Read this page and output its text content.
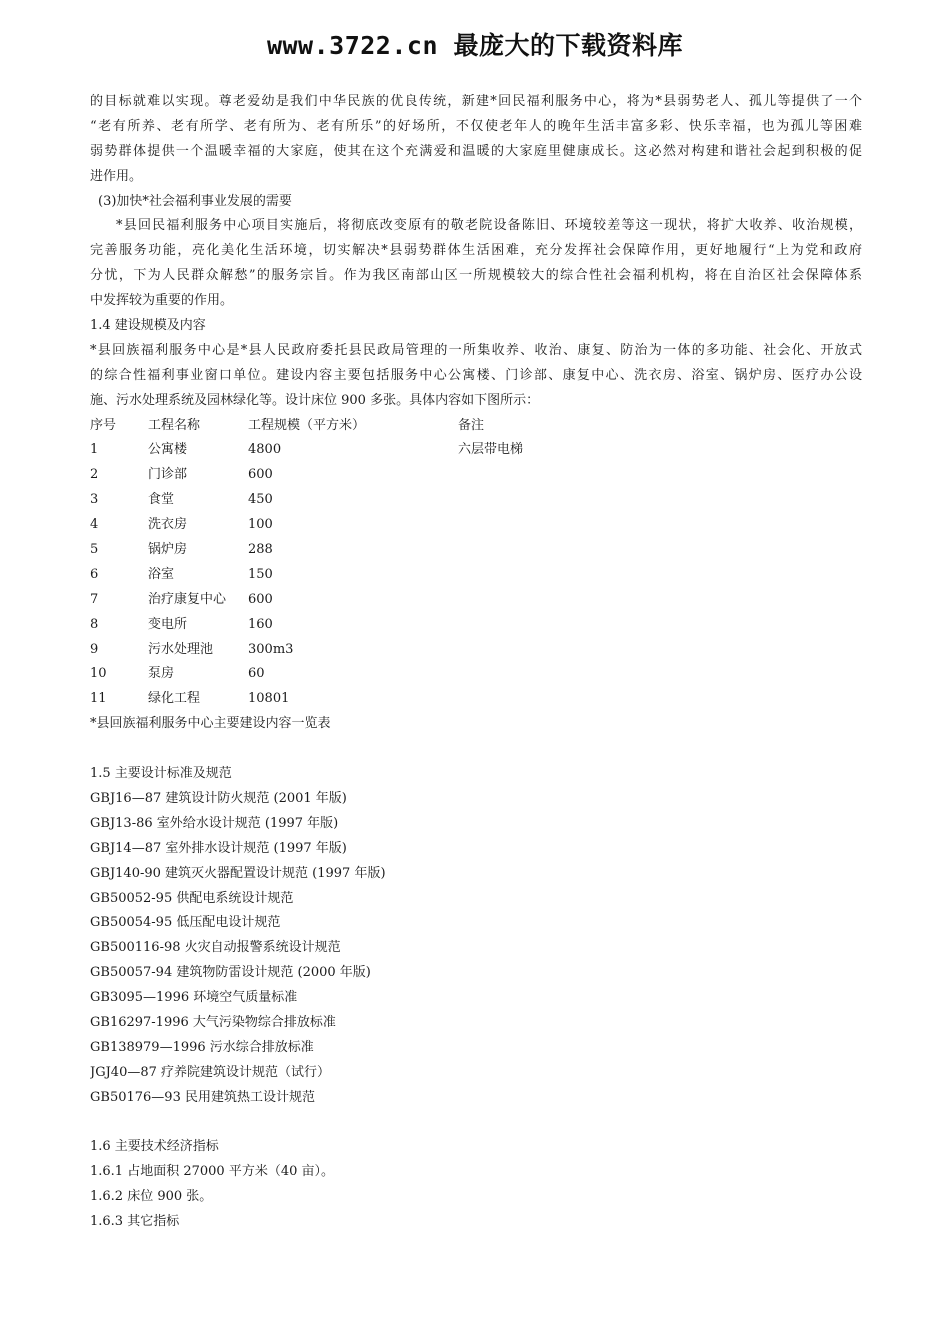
www.3722.cn 最庞大的下载资料库
的目标就难以实现。尊老爱幼是我们中华民族的优良传统，新建*回民福利服务中心，将为*县弱势老人、孤儿等提供了一个
“老有所养、老有所学、老有所为、老有所乐”的好场所，不仅使老年人的晚年生活丰富多彩、快乐幸福，也为孤儿等困难
弱势群体提供一个温暖幸福的大家庭，使其在这个充满爱和温暖的大家庭里健康成长。这必然对构建和谐社会起到积极的促
进作用。
(3)加快*社会福利事业发展的需要
*县回民福利服务中心项目实施后，将彻底改变原有的敬老院设备陈旧、环境较差等这一现状，将扩大收养、收治规模，
完善服务功能，亮化美化生活环境，切实解决*县弱势群体生活困难，充分发挥社会保障作用，更好地履行“上为党和政府
分忧，下为人民群众解愁”的服务宗旨。作为我区南部山区一所规模较大的综合性社会福利机构，将在自治区社会保障体系
中发挥较为重要的作用。
1.4 建设规模及内容
*县回族福利服务中心是*县人民政府委托县民政局管理的一所集收养、收治、康复、防治为一体的多功能、社会化、开放式
的综合性福利事业窗口单位。建设内容主要包括服务中心公寓楼、门诊部、康复中心、洗衣房、浴室、锅炉房、医疗办公设
施、污水处理系统及园林绿化等。设计床位 900 多张。具体内容如下图所示：
序号	工程名称	工程规模（平方米）	备注
1	公寓楼	4800	六层带电梯
2	门诊部	600
3	食堂	450
4	洗衣房	100
5	锅炉房	288
6	浴室	150
7	治疗康复中心	600
8	变电所	160
9	污水处理池	300m3
10	泵房	60
11	绿化工程	10801
*县回族福利服务中心主要建设内容一览表
1.5 主要设计标准及规范
GBJ16—87 建筑设计防火规范 (2001 年版)
GBJ13-86 室外给水设计规范 (1997 年版)
GBJ14—87 室外排水设计规范 (1997 年版)
GBJ140-90 建筑灭火器配置设计规范 (1997 年版)
GB50052-95 供配电系统设计规范
GB50054-95 低压配电设计规范
GB500116-98 火灾自动报警系统设计规范
GB50057-94 建筑物防雷设计规范 (2000 年版)
GB3095—1996 环境空气质量标准
GB16297-1996 大气污染物综合排放标准
GB138979—1996 污水综合排放标准
JGJ40—87 疗养院建筑设计规范（试行）
GB50176—93 民用建筑热工设计规范
1.6 主要技术经济指标
1.6.1 占地面积 27000 平方米（40 亩）。
1.6.2 床位 900 张。
1.6.3 其它指标
